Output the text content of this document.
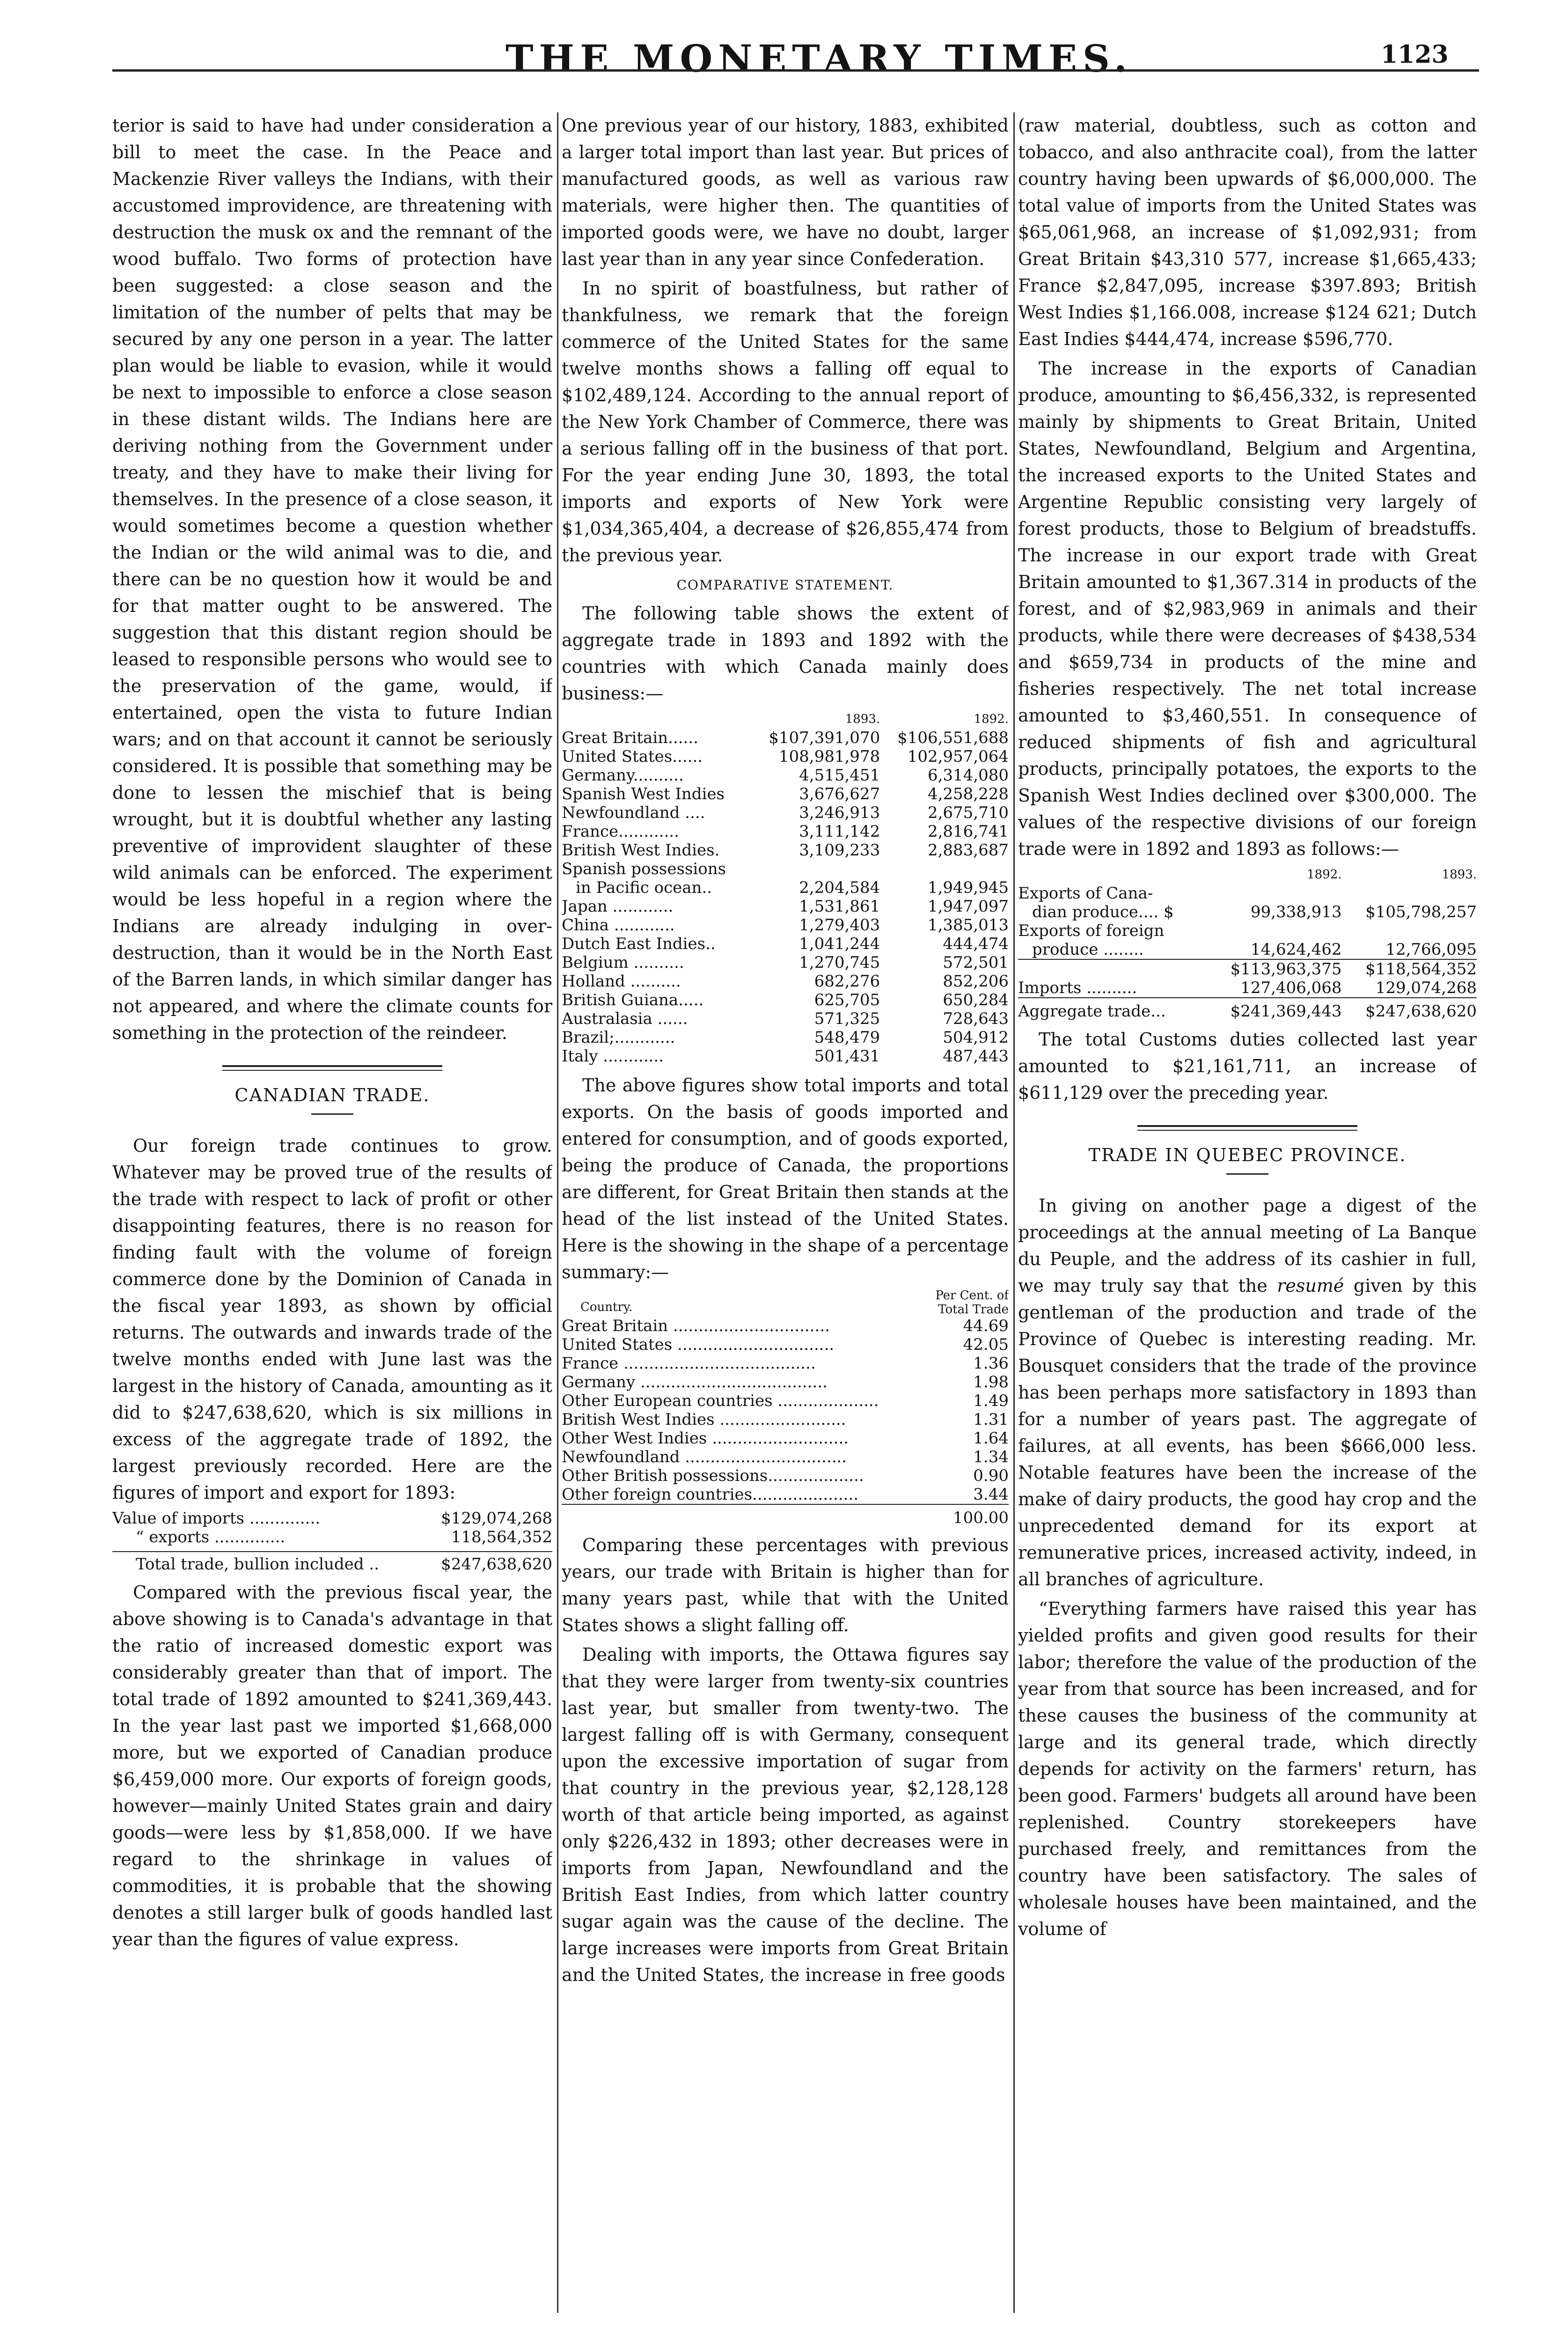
THE MONETARY TIMES.	1123

terior is said to have had under consideration a bill to meet the case. In the Peace and Mackenzie River valleys the Indians, with their accustomed improvidence, are threatening with destruction the musk ox and the remnant of the wood buffalo. Two forms of protection have been suggested: a close season and the limitation of the number of pelts that may be secured by any one person in a year. The latter plan would be liable to evasion, while it would be next to impossible to enforce a close season in these distant wilds. The Indians here are deriving nothing from the Government under treaty, and they have to make their living for themselves. In the presence of a close season, it would sometimes become a question whether the Indian or the wild animal was to die, and there can be no question how it would be and for that matter ought to be answered. The suggestion that this distant region should be leased to responsible persons who would see to the preservation of the game, would, if entertained, open the vista to future Indian wars; and on that account it cannot be seriously considered. It is possible that something may be done to lessen the mischief that is being wrought, but it is doubtful whether any lasting preventive of improvident slaughter of these wild animals can be enforced. The experiment would be less hopeful in a region where the Indians are already indulging in over-destruction, than it would be in the North East of the Barren lands, in which similar danger has not appeared, and where the climate counts for something in the protection of the reindeer.

CANADIAN TRADE.

Our foreign trade continues to grow. Whatever may be proved true of the results of the trade with respect to lack of profit or other disappointing features, there is no reason for finding fault with the volume of foreign commerce done by the Dominion of Canada in the fiscal year 1893, as shown by official returns. The outwards and inwards trade of the twelve months ended with June last was the largest in the history of Canada, amounting as it did to $247,638,620, which is six millions in excess of the aggregate trade of 1892, the largest previously recorded. Here are the figures of import and export for 1893:

Value of imports ..............	$129,074,268
“ exports ..............	118,564,352
Total trade, bullion included ..	$247,638,620

Compared with the previous fiscal year, the above showing is to Canada's advantage in that the ratio of increased domestic export was considerably greater than that of import. The total trade of 1892 amounted to $241,369,443. In the year last past we imported $1,668,000 more, but we exported of Canadian produce $6,459,000 more. Our exports of foreign goods, however—mainly United States grain and dairy goods—were less by $1,858,000. If we have regard to the shrinkage in values of commodities, it is probable that the showing denotes a still larger bulk of goods handled last year than the figures of value express.

One previous year of our history, 1883, exhibited a larger total import than last year. But prices of manufactured goods, as well as various raw materials, were higher then. The quantities of imported goods were, we have no doubt, larger last year than in any year since Confederation.

In no spirit of boastfulness, but rather of thankfulness, we remark that the foreign commerce of the United States for the same twelve months shows a falling off equal to $102,489,124. According to the annual report of the New York Chamber of Commerce, there was a serious falling off in the business of that port. For the year ending June 30, 1893, the total imports and exports of New York were $1,034,365,404, a decrease of $26,855,474 from the previous year.

COMPARATIVE STATEMENT.

The following table shows the extent of aggregate trade in 1893 and 1892 with the countries with which Canada mainly does business:—

	1893.	1892.
Great Britain......	$107,391,070	$106,551,688
United States......	108,981,978	102,957,064
Germany..........	4,515,451	6,314,080
Spanish West Indies	3,676,627	4,258,228
Newfoundland ....	3,246,913	2,675,710
France............	3,111,142	2,816,741
British West Indies.	3,109,233	2,883,687
Spanish possessions		
in Pacific ocean..	2,204,584	1,949,945
Japan ............	1,531,861	1,947,097
China ............	1,279,403	1,385,013
Dutch East Indies..	1,041,244	444,474
Belgium ..........	1,270,745	572,501
Holland ..........	682,276	852,206
British Guiana.....	625,705	650,284
Australasia ......	571,325	728,643
Brazil;............	548,479	504,912
Italy ............	501,431	487,443

The above figures show total imports and total exports. On the basis of goods imported and entered for consumption, and of goods exported, being the produce of Canada, the proportions are different, for Great Britain then stands at the head of the list instead of the United States. Here is the showing in the shape of a percentage summary:—

Country.	Per Cent. of
Total Trade
Great Britain ...............................	44.69
United States ...............................	42.05
France ......................................	1.36
Germany .....................................	1.98
Other European countries ....................	1.49
British West Indies .........................	1.31
Other West Indies ...........................	1.64
Newfoundland ................................	1.34
Other British possessions...................	0.90
Other foreign countries.....................	3.44
	100.00

Comparing these percentages with previous years, our trade with Britain is higher than for many years past, while that with the United States shows a slight falling off.

Dealing with imports, the Ottawa figures say that they were larger from twenty-six countries last year, but smaller from twenty-two. The largest falling off is with Germany, consequent upon the excessive importation of sugar from that country in the previous year, $2,128,128 worth of that article being imported, as against only $226,432 in 1893; other decreases were in imports from Japan, Newfoundland and the British East Indies, from which latter country sugar again was the cause of the decline. The large increases were imports from Great Britain and the United States, the increase in free goods

(raw material, doubtless, such as cotton and tobacco, and also anthracite coal), from the latter country having been upwards of $6,000,000. The total value of imports from the United States was $65,061,968, an increase of $1,092,931; from Great Britain $43,310 577, increase $1,665,433; France $2,847,095, increase $397.893; British West Indies $1,166.008, increase $124 621; Dutch East Indies $444,474, increase $596,770.

The increase in the exports of Canadian produce, amounting to $6,456,332, is represented mainly by shipments to Great Britain, United States, Newfoundland, Belgium and Argentina, the increased exports to the United States and Argentine Republic consisting very largely of forest products, those to Belgium of breadstuffs. The increase in our export trade with Great Britain amounted to $1,367.314 in products of the forest, and of $2,983,969 in animals and their products, while there were decreases of $438,534 and $659,734 in products of the mine and fisheries respectively. The net total increase amounted to $3,460,551. In consequence of reduced shipments of fish and agricultural products, principally potatoes, the exports to the Spanish West Indies declined over $300,000. The values of the respective divisions of our foreign trade were in 1892 and 1893 as follows:—

	1892.	1893.
Exports of Cana-		
dian produce.... $	99,338,913	$105,798,257
Exports of foreign		
produce ........	14,624,462	12,766,095
	$113,963,375	$118,564,352
Imports ..........	127,406,068	129,074,268
Aggregate trade...	$241,369,443	$247,638,620

The total Customs duties collected last year amounted to $21,161,711, an increase of $611,129 over the preceding year.

TRADE IN QUEBEC PROVINCE.

In giving on another page a digest of the proceedings at the annual meeting of La Banque du Peuple, and the address of its cashier in full, we may truly say that the resumé given by this gentleman of the production and trade of the Province of Quebec is interesting reading. Mr. Bousquet considers that the trade of the province has been perhaps more satisfactory in 1893 than for a number of years past. The aggregate of failures, at all events, has been $666,000 less. Notable features have been the increase of the make of dairy products, the good hay crop and the unprecedented demand for its export at remunerative prices, increased activity, indeed, in all branches of agriculture.

“Everything farmers have raised this year has yielded profits and given good results for their labor; therefore the value of the production of the year from that source has been increased, and for these causes the business of the community at large and its general trade, which directly depends for activity on the farmers' return, has been good. Farmers' budgets all around have been replenished. Country storekeepers have purchased freely, and remittances from the country have been satisfactory. The sales of wholesale houses have been maintained, and the volume of
